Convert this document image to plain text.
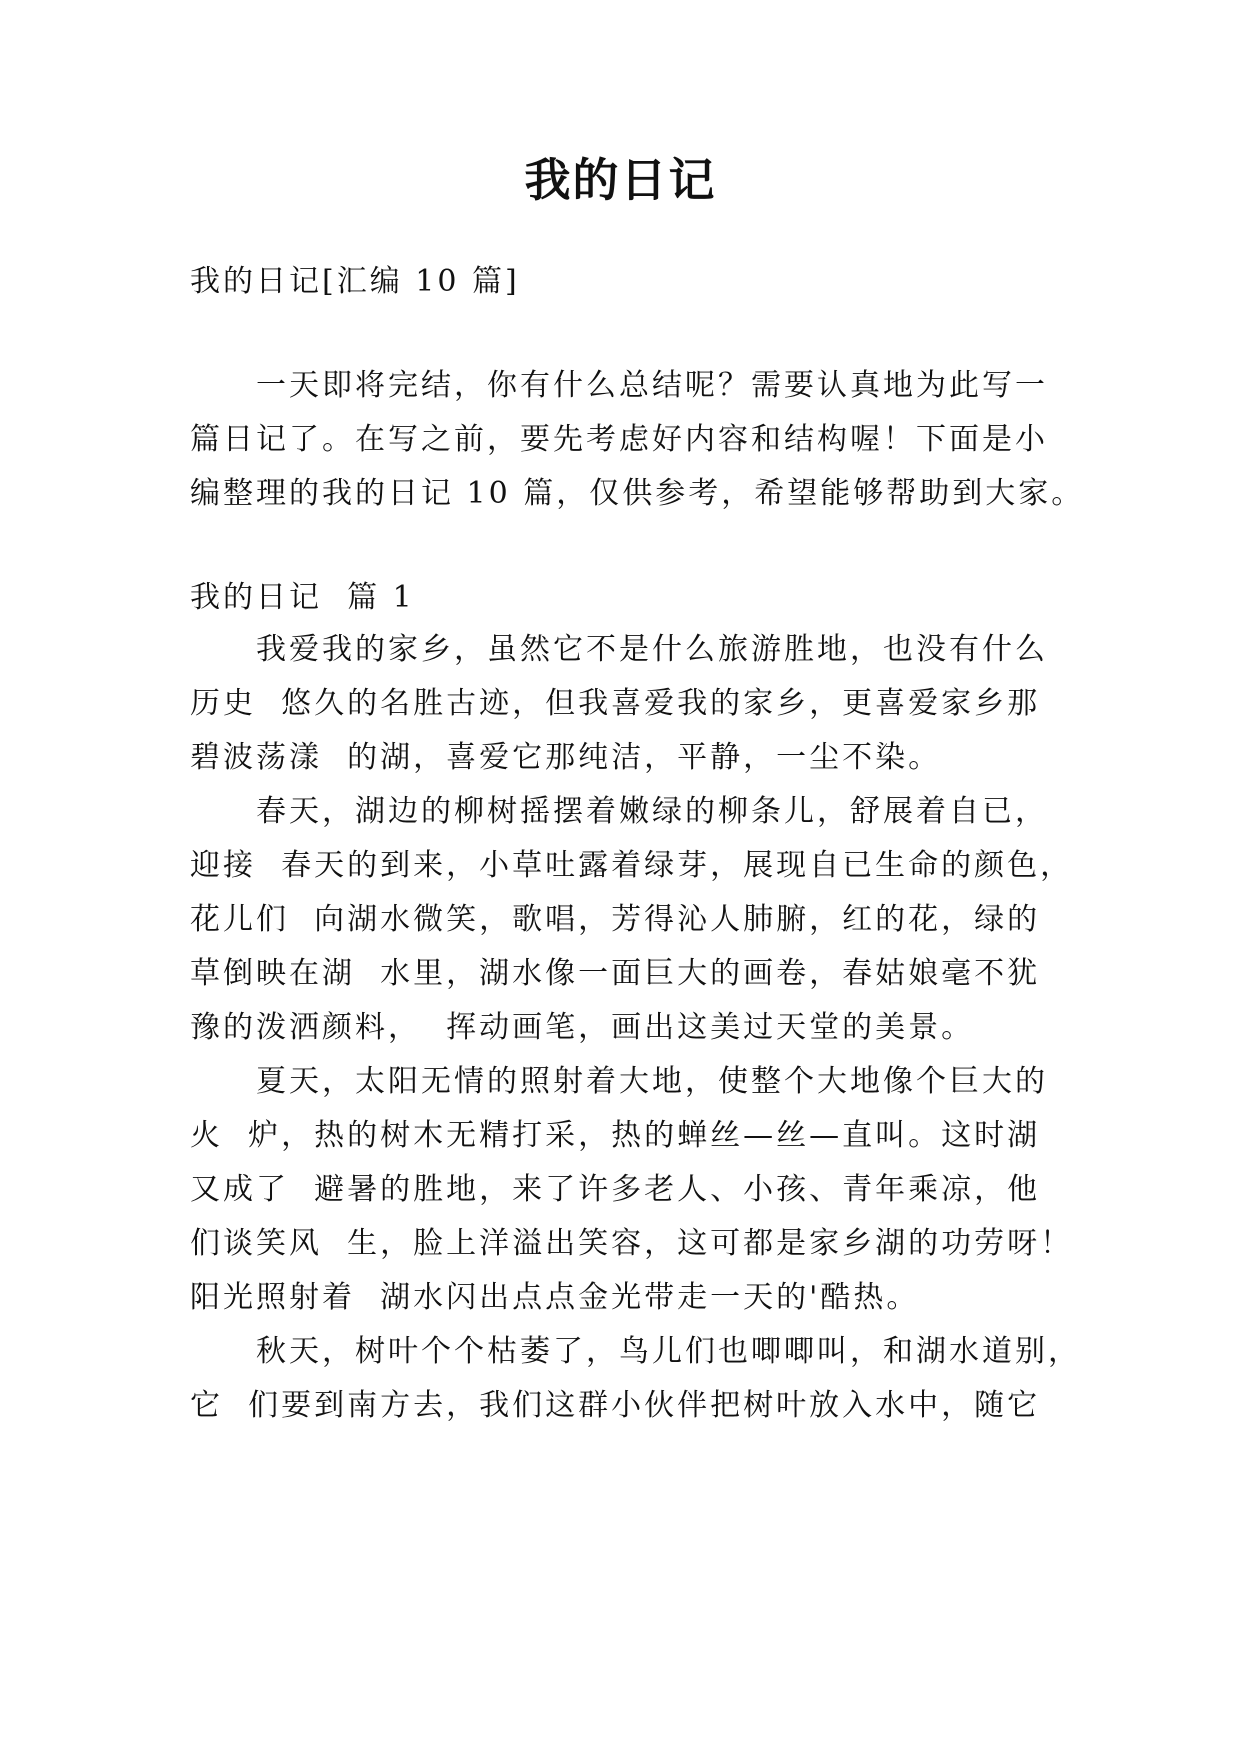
我的日记
我的日记[汇编 10 篇]
　　一天即将完结，你有什么总结呢？需要认真地为此写一
篇日记了。在写之前，要先考虑好内容和结构喔！下面是小
编整理的我的日记 10 篇，仅供参考，希望能够帮助到大家。
我的日记  篇 1
　　我爱我的家乡，虽然它不是什么旅游胜地，也没有什么
历史  悠久的名胜古迹，但我喜爱我的家乡，更喜爱家乡那
碧波荡漾  的湖，喜爱它那纯洁，平静，一尘不染。
　　春天，湖边的柳树摇摆着嫩绿的柳条儿，舒展着自已，
迎接  春天的到来，小草吐露着绿芽，展现自已生命的颜色，
花儿们  向湖水微笑，歌唱，芳得沁人肺腑，红的花，绿的
草倒映在湖  水里，湖水像一面巨大的画卷，春姑娘毫不犹
豫的泼洒颜料，  挥动画笔，画出这美过天堂的美景。
　　夏天，太阳无情的照射着大地，使整个大地像个巨大的
火  炉，热的树木无精打采，热的蝉丝—丝—直叫。这时湖
又成了  避暑的胜地，来了许多老人、小孩、青年乘凉，他
们谈笑风  生，脸上洋溢出笑容，这可都是家乡湖的功劳呀！
阳光照射着  湖水闪出点点金光带走一天的'酷热。
　　秋天，树叶个个枯萎了，鸟儿们也唧唧叫，和湖水道别，
它  们要到南方去，我们这群小伙伴把树叶放入水中，随它
